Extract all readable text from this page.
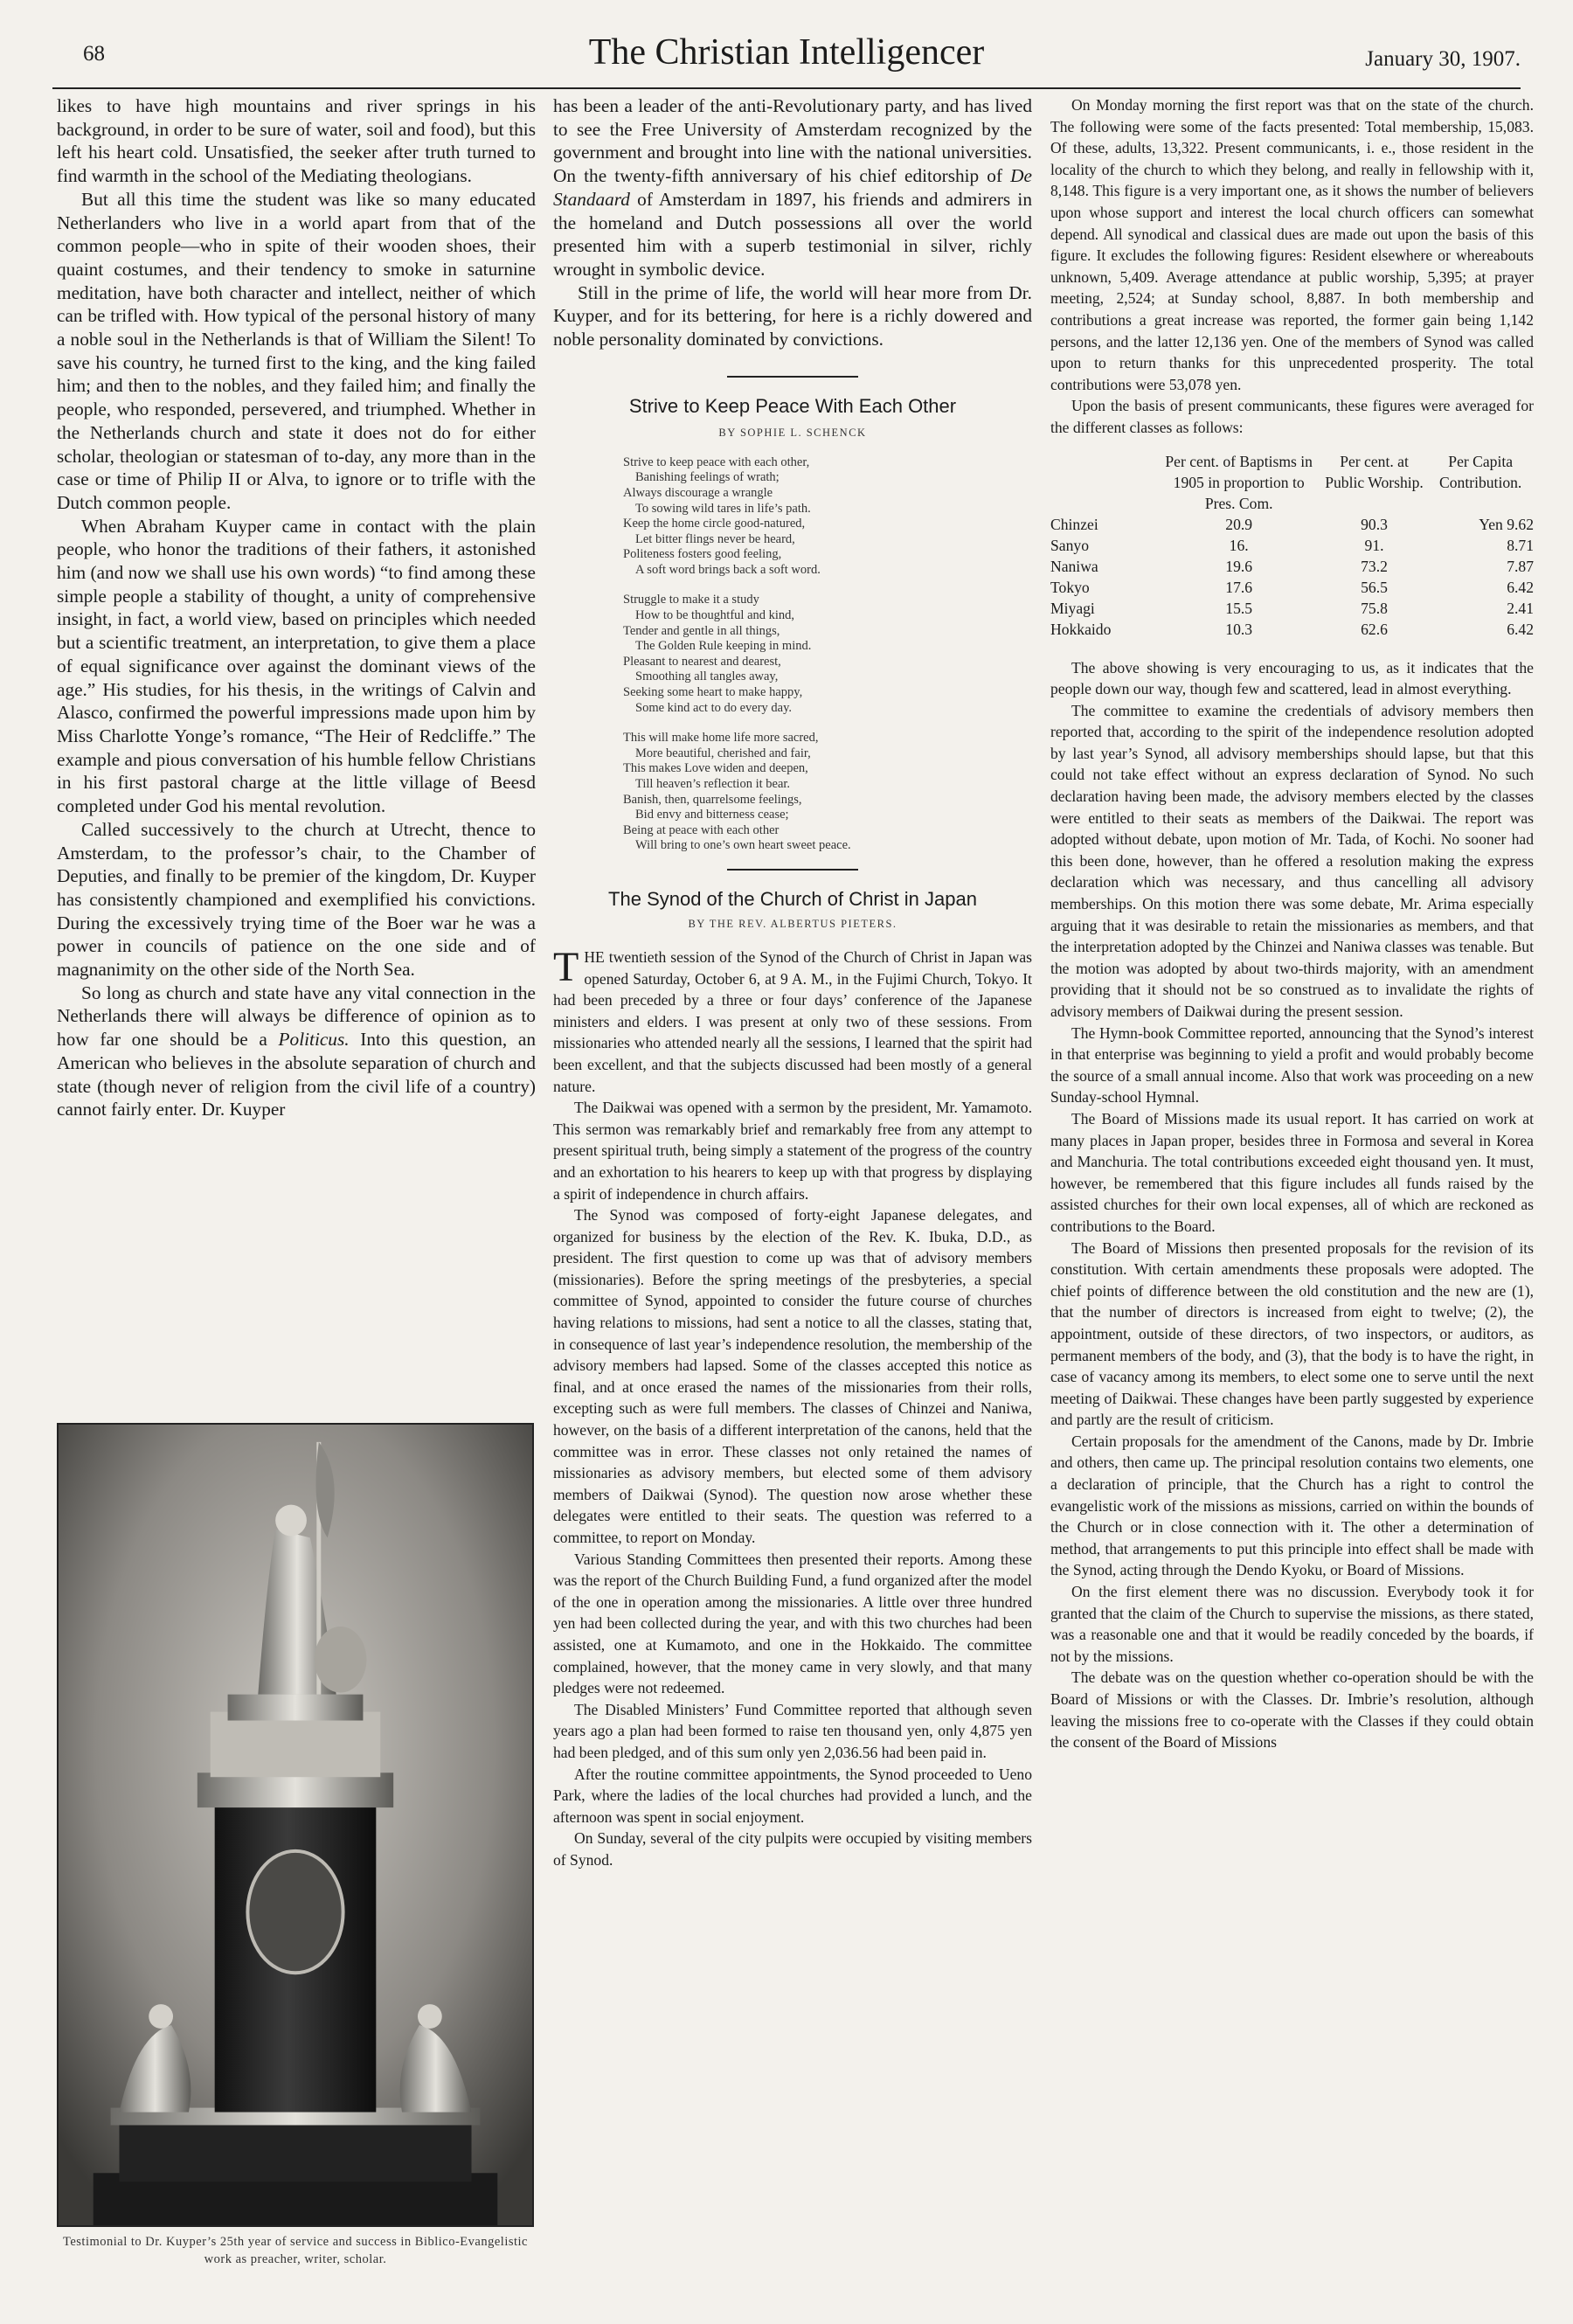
68	The Christian Intelligencer	January 30, 1907.

likes to have high mountains and river springs in his background, in order to be sure of water, soil and food), but this left his heart cold. Unsatisfied, the seeker after truth turned to find warmth in the school of the Mediating theologians.

But all this time the student was like so many educated Netherlanders who live in a world apart from that of the common people—who in spite of their wooden shoes, their quaint costumes, and their tendency to smoke in saturnine meditation, have both character and intellect, neither of which can be trifled with. How typical of the personal history of many a noble soul in the Netherlands is that of William the Silent! To save his country, he turned first to the king, and the king failed him; and then to the nobles, and they failed him; and finally the people, who responded, persevered, and triumphed. Whether in the Netherlands church and state it does not do for either scholar, theologian or statesman of to-day, any more than in the case or time of Philip II or Alva, to ignore or to trifle with the Dutch common people.

When Abraham Kuyper came in contact with the plain people, who honor the traditions of their fathers, it astonished him (and now we shall use his own words) “to find among these simple people a stability of thought, a unity of comprehensive insight, in fact, a world view, based on principles which needed but a scientific treatment, an interpretation, to give them a place of equal significance over against the dominant views of the age.” His studies, for his thesis, in the writings of Calvin and Alasco, confirmed the powerful impressions made upon him by Miss Charlotte Yonge’s romance, “The Heir of Redcliffe.” The example and pious conversation of his humble fellow Christians in his first pastoral charge at the little village of Beesd completed under God his mental revolution.

Called successively to the church at Utrecht, thence to Amsterdam, to the professor’s chair, to the Chamber of Deputies, and finally to be premier of the kingdom, Dr. Kuyper has consistently championed and exemplified his convictions. During the excessively trying time of the Boer war he was a power in councils of patience on the one side and of magnanimity on the other side of the North Sea.

So long as church and state have any vital connection in the Netherlands there will always be difference of opinion as to how far one should be a Politicus. Into this question, an American who believes in the absolute separation of church and state (though never of religion from the civil life of a country) cannot fairly enter. Dr. Kuyper

Testimonial to Dr. Kuyper’s 25th year of service and success in Biblico-Evangelistic work as preacher, writer, scholar.

has been a leader of the anti-Revolutionary party, and has lived to see the Free University of Amsterdam recognized by the government and brought into line with the national universities. On the twenty-fifth anniversary of his chief editorship of De Standaard of Amsterdam in 1897, his friends and admirers in the homeland and Dutch possessions all over the world presented him with a superb testimonial in silver, richly wrought in symbolic device.

Still in the prime of life, the world will hear more from Dr. Kuyper, and for its bettering, for here is a richly dowered and noble personality dominated by convictions.

Strive to Keep Peace With Each Other
BY SOPHIE L. SCHENCK
Strive to keep peace with each other,
Banishing feelings of wrath;
Always discourage a wrangle
To sowing wild tares in life’s path.
Keep the home circle good-natured,
Let bitter flings never be heard,
Politeness fosters good feeling,
A soft word brings back a soft word.
Struggle to make it a study
How to be thoughtful and kind,
Tender and gentle in all things,
The Golden Rule keeping in mind.
Pleasant to nearest and dearest,
Smoothing all tangles away,
Seeking some heart to make happy,
Some kind act to do every day.
This will make home life more sacred,
More beautiful, cherished and fair,
This makes Love widen and deepen,
Till heaven’s reflection it bear.
Banish, then, quarrelsome feelings,
Bid envy and bitterness cease;
Being at peace with each other
Will bring to one’s own heart sweet peace.
The Synod of the Church of Christ in Japan
BY THE REV. ALBERTUS PIETERS.

THE twentieth session of the Synod of the Church of Christ in Japan was opened Saturday, October 6, at 9 A. M., in the Fujimi Church, Tokyo. It had been preceded by a three or four days’ conference of the Japanese ministers and elders. I was present at only two of these sessions. From missionaries who attended nearly all the sessions, I learned that the spirit had been excellent, and that the subjects discussed had been mostly of a general nature.

The Daikwai was opened with a sermon by the president, Mr. Yamamoto. This sermon was remarkably brief and remarkably free from any attempt to present spiritual truth, being simply a statement of the progress of the country and an exhortation to his hearers to keep up with that progress by displaying a spirit of independence in church affairs.

The Synod was composed of forty-eight Japanese delegates, and organized for business by the election of the Rev. K. Ibuka, D.D., as president. The first question to come up was that of advisory members (missionaries). Before the spring meetings of the presbyteries, a special committee of Synod, appointed to consider the future course of churches having relations to missions, had sent a notice to all the classes, stating that, in consequence of last year’s independence resolution, the membership of the advisory members had lapsed. Some of the classes accepted this notice as final, and at once erased the names of the missionaries from their rolls, excepting such as were full members. The classes of Chinzei and Naniwa, however, on the basis of a different interpretation of the canons, held that the committee was in error. These classes not only retained the names of missionaries as advisory members, but elected some of them advisory members of Daikwai (Synod). The question now arose whether these delegates were entitled to their seats. The question was referred to a committee, to report on Monday.

Various Standing Committees then presented their reports. Among these was the report of the Church Building Fund, a fund organized after the model of the one in operation among the missionaries. A little over three hundred yen had been collected during the year, and with this two churches had been assisted, one at Kumamoto, and one in the Hokkaido. The committee complained, however, that the money came in very slowly, and that many pledges were not redeemed.

The Disabled Ministers’ Fund Committee reported that although seven years ago a plan had been formed to raise ten thousand yen, only 4,875 yen had been pledged, and of this sum only yen 2,036.56 had been paid in.

After the routine committee appointments, the Synod proceeded to Ueno Park, where the ladies of the local churches had provided a lunch, and the afternoon was spent in social enjoyment.

On Sunday, several of the city pulpits were occupied by visiting members of Synod.

On Monday morning the first report was that on the state of the church. The following were some of the facts presented: Total membership, 15,083. Of these, adults, 13,322. Present communicants, i. e., those resident in the locality of the church to which they belong, and really in fellowship with it, 8,148. This figure is a very important one, as it shows the number of believers upon whose support and interest the local church officers can somewhat depend. All synodical and classical dues are made out upon the basis of this figure. It excludes the following figures: Resident elsewhere or whereabouts unknown, 5,409. Average attendance at public worship, 5,395; at prayer meeting, 2,524; at Sunday school, 8,887. In both membership and contributions a great increase was reported, the former gain being 1,142 persons, and the latter 12,136 yen. One of the members of Synod was called upon to return thanks for this unprecedented prosperity. The total contributions were 53,078 yen.

Upon the basis of present communicants, these figures were averaged for the different classes as follows:

	Per cent. of Baptisms in 1905 in proportion to Pres. Com.	Per cent. at Public Worship.	Per Capita Contribution.
Chinzei	20.9	90.3	Yen 9.62
Sanyo	16.	91.	8.71
Naniwa	19.6	73.2	7.87
Tokyo	17.6	56.5	6.42
Miyagi	15.5	75.8	2.41
Hokkaido	10.3	62.6	6.42

The above showing is very encouraging to us, as it indicates that the people down our way, though few and scattered, lead in almost everything.

The committee to examine the credentials of advisory members then reported that, according to the spirit of the independence resolution adopted by last year’s Synod, all advisory memberships should lapse, but that this could not take effect without an express declaration of Synod. No such declaration having been made, the advisory members elected by the classes were entitled to their seats as members of the Daikwai. The report was adopted without debate, upon motion of Mr. Tada, of Kochi. No sooner had this been done, however, than he offered a resolution making the express declaration which was necessary, and thus cancelling all advisory memberships. On this motion there was some debate, Mr. Arima especially arguing that it was desirable to retain the missionaries as members, and that the interpretation adopted by the Chinzei and Naniwa classes was tenable. But the motion was adopted by about two-thirds majority, with an amendment providing that it should not be so construed as to invalidate the rights of advisory members of Daikwai during the present session.

The Hymn-book Committee reported, announcing that the Synod’s interest in that enterprise was beginning to yield a profit and would probably become the source of a small annual income. Also that work was proceeding on a new Sunday-school Hymnal.

The Board of Missions made its usual report. It has carried on work at many places in Japan proper, besides three in Formosa and several in Korea and Manchuria. The total contributions exceeded eight thousand yen. It must, however, be remembered that this figure includes all funds raised by the assisted churches for their own local expenses, all of which are reckoned as contributions to the Board.

The Board of Missions then presented proposals for the revision of its constitution. With certain amendments these proposals were adopted. The chief points of difference between the old constitution and the new are (1), that the number of directors is increased from eight to twelve; (2), the appointment, outside of these directors, of two inspectors, or auditors, as permanent members of the body, and (3), that the body is to have the right, in case of vacancy among its members, to elect some one to serve until the next meeting of Daikwai. These changes have been partly suggested by experience and partly are the result of criticism.

Certain proposals for the amendment of the Canons, made by Dr. Imbrie and others, then came up. The principal resolution contains two elements, one a declaration of principle, that the Church has a right to control the evangelistic work of the missions as missions, carried on within the bounds of the Church or in close connection with it. The other a determination of method, that arrangements to put this principle into effect shall be made with the Synod, acting through the Dendo Kyoku, or Board of Missions.

On the first element there was no discussion. Everybody took it for granted that the claim of the Church to supervise the missions, as there stated, was a reasonable one and that it would be readily conceded by the boards, if not by the missions.

The debate was on the question whether co-operation should be with the Board of Missions or with the Classes. Dr. Imbrie’s resolution, although leaving the missions free to co-operate with the Classes if they could obtain the consent of the Board of Missions
